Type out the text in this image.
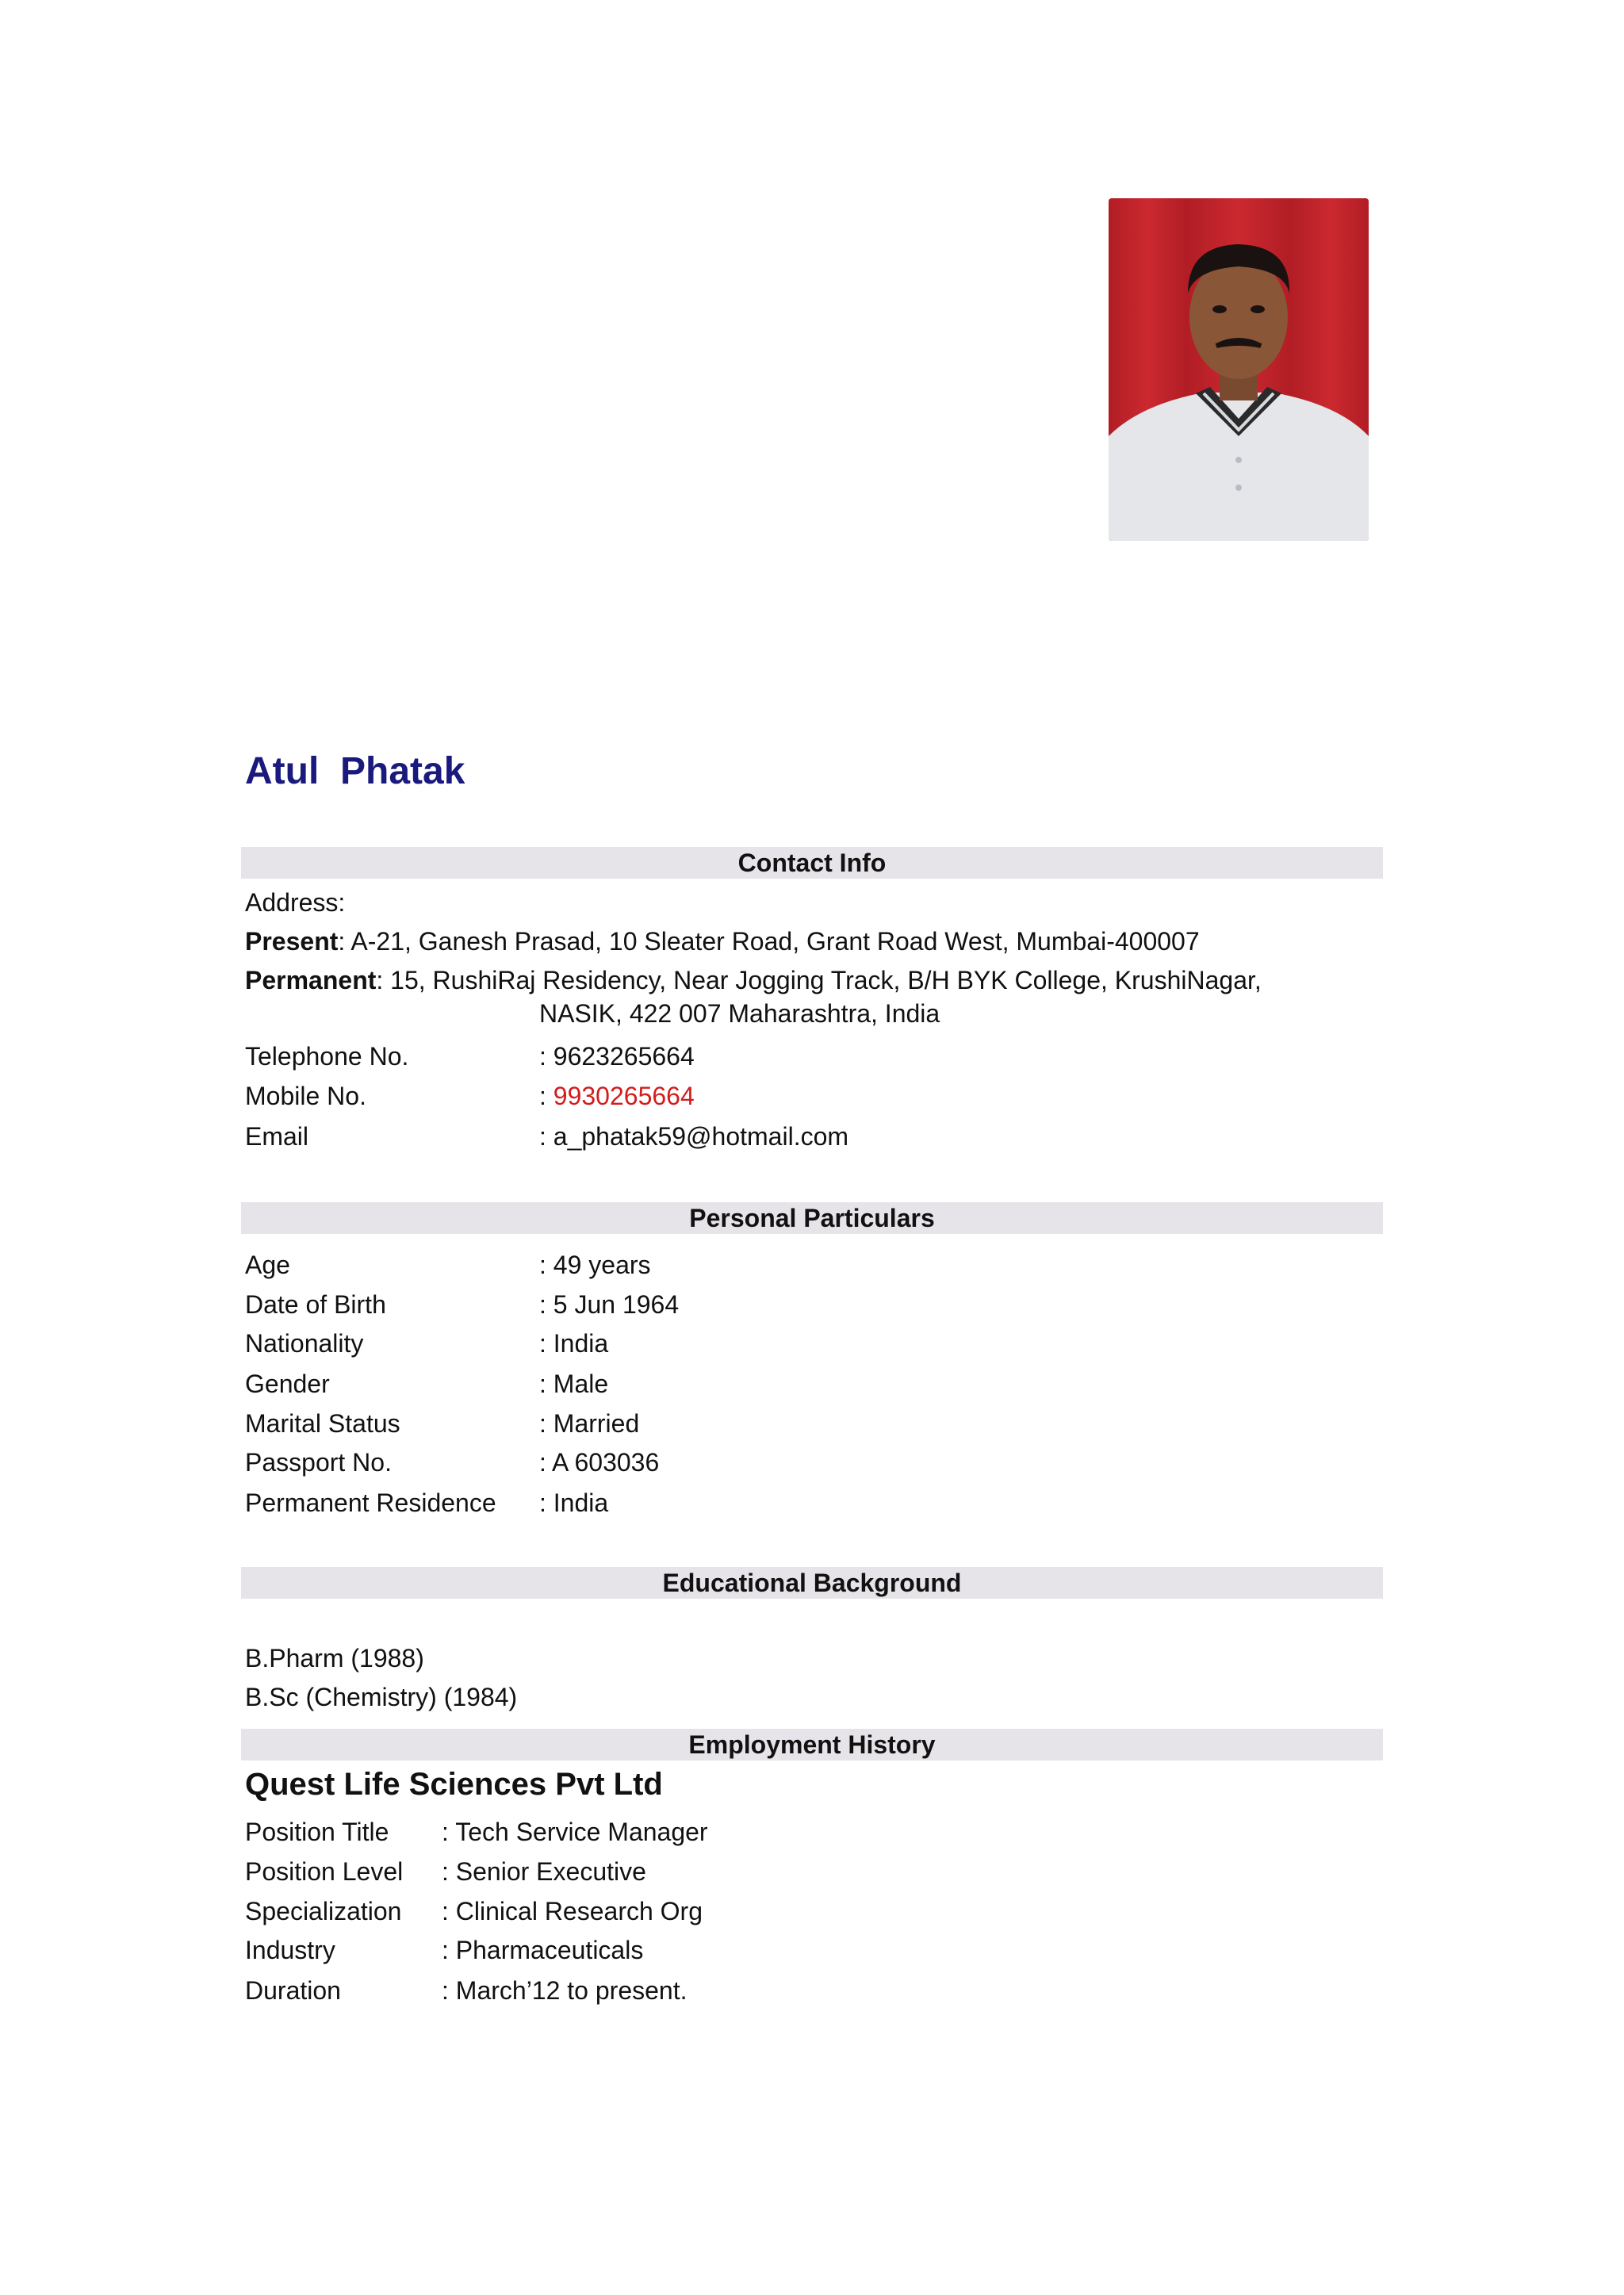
Atul  Phatak
Contact Info
Address:
Present: A-21, Ganesh Prasad, 10 Sleater Road, Grant Road West, Mumbai-400007
Permanent: 15, RushiRaj Residency, Near Jogging Track, B/H BYK College, KrushiNagar,
NASIK, 422 007 Maharashtra, India
Telephone No.	: 9623265664
Mobile No.	: 9930265664
Email	: a_phatak59@hotmail.com
Personal Particulars
Age	: 49 years
Date of Birth	: 5 Jun 1964
Nationality	: India
Gender	: Male
Marital Status	: Married
Passport No.	: A 603036
Permanent Residence : India
Educational Background
B.Pharm (1988)
B.Sc (Chemistry) (1984)
Employment History
Quest Life Sciences Pvt Ltd
Position Title : Tech Service Manager
Position Level : Senior Executive
Specialization : Clinical Research Org
Industry	: Pharmaceuticals
Duration	: March’12 to present.
